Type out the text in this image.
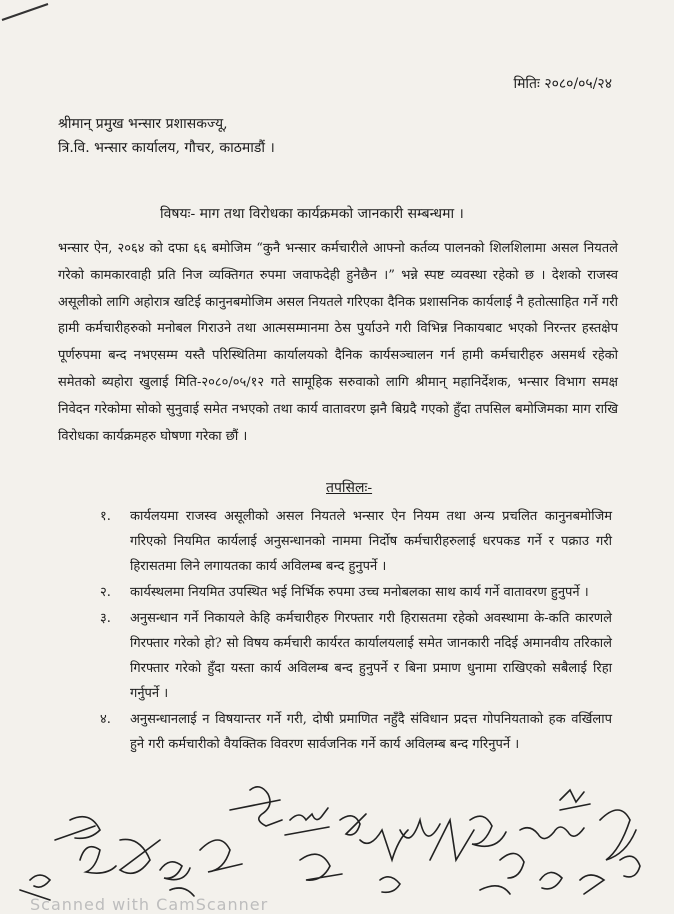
मितिः २०८०/०५/२४
श्रीमान् प्रमुख भन्सार प्रशासकज्यू,
त्रि.वि. भन्सार कार्यालय, गौचर, काठमाडौं ।
विषयः- माग तथा विरोधका कार्यक्रमको जानकारी सम्बन्धमा ।
भन्सार ऐन, २०६४ को दफा ६६ बमोजिम “कुनै भन्सार कर्मचारीले आफ्नो कर्तव्य पालनको शिलशिलामा असल नियतले गरेको कामकारवाही प्रति निज व्यक्तिगत रुपमा जवाफदेही हुनेछैन ।” भन्ने स्पष्ट व्यवस्था रहेको छ । देशको राजस्व असूलीको लागि अहोरात्र खटिई कानुनबमोजिम असल नियतले गरिएका दैनिक प्रशासनिक कार्यलाई नै हतोत्साहित गर्ने गरी हामी कर्मचारीहरुको मनोबल गिराउने तथा आत्मसम्मानमा ठेस पुर्याउने गरी विभिन्न निकायबाट भएको निरन्तर हस्तक्षेप पूर्णरुपमा बन्द नभएसम्म यस्तै परिस्थितिमा कार्यालयको दैनिक कार्यसञ्चालन गर्न हामी कर्मचारीहरु असमर्थ रहेको समेतको ब्यहोरा खुलाई मिति-२०८०/०५/१२ गते सामूहिक सरुवाको लागि श्रीमान् महानिर्देशक, भन्सार विभाग समक्ष निवेदन गरेकोमा सोको सुनुवाई समेत नभएको तथा कार्य वातावरण झनै बिग्रदै गएको हुँदा तपसिल बमोजिमका माग राखि विरोधका कार्यक्रमहरु घोषणा गरेका छौं ।
तपसिलः-
१. कार्यलयमा राजस्व असूलीको असल नियतले भन्सार ऐन नियम तथा अन्य प्रचलित कानुनबमोजिम गरिएको नियमित कार्यलाई अनुसन्धानको नाममा निर्दोष कर्मचारीहरुलाई धरपकड गर्ने र पक्राउ गरी हिरासतमा लिने लगायतका कार्य अविलम्ब बन्द हुनुपर्ने ।
२. कार्यस्थलमा नियमित उपस्थित भई निर्भिक रुपमा उच्च मनोबलका साथ कार्य गर्ने वातावरण हुनुपर्ने ।
३. अनुसन्धान गर्ने निकायले केहि कर्मचारीहरु गिरफ्तार गरी हिरासतमा रहेको अवस्थामा के-कति कारणले गिरफ्तार गरेको हो? सो विषय कर्मचारी कार्यरत कार्यालयलाई समेत जानकारी नदिई अमानवीय तरिकाले गिरफ्तार गरेको हुँदा यस्ता कार्य अविलम्ब बन्द हुनुपर्ने र बिना प्रमाण धुनामा राखिएको सबैलाई रिहा गर्नुपर्ने ।
४. अनुसन्धानलाई न विषयान्तर गर्ने गरी, दोषी प्रमाणित नहुँदै संविधान प्रदत्त गोपनियताको हक वर्खिलाप हुने गरी कर्मचारीको वैयक्तिक विवरण सार्वजनिक गर्ने कार्य अविलम्ब बन्द गरिनुपर्ने ।
Scanned with CamScanner
